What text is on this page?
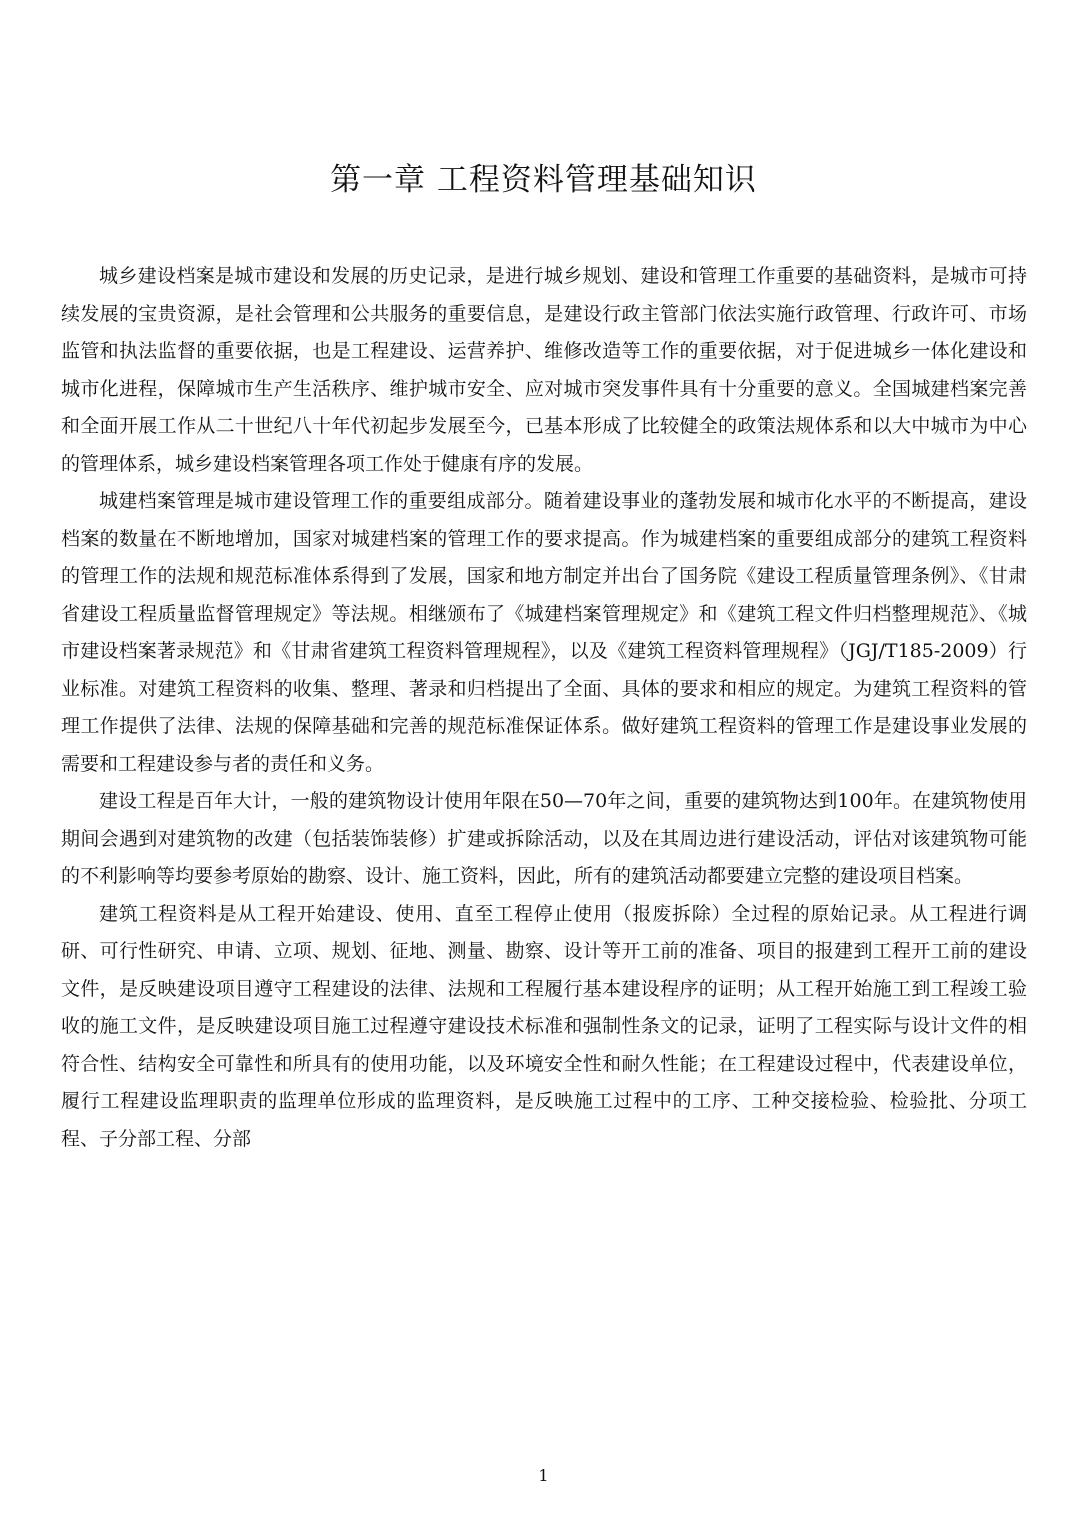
第一章 工程资料管理基础知识

城乡建设档案是城市建设和发展的历史记录，是进行城乡规划、建设和管理工作重要的基础资料，是城市可持续发展的宝贵资源，是社会管理和公共服务的重要信息，是建设行政主管部门依法实施行政管理、行政许可、市场监管和执法监督的重要依据，也是工程建设、运营养护、维修改造等工作的重要依据，对于促进城乡一体化建设和城市化进程，保障城市生产生活秩序、维护城市安全、应对城市突发事件具有十分重要的意义。全国城建档案完善和全面开展工作从二十世纪八十年代初起步发展至今，已基本形成了比较健全的政策法规体系和以大中城市为中心的管理体系，城乡建设档案管理各项工作处于健康有序的发展。

城建档案管理是城市建设管理工作的重要组成部分。随着建设事业的蓬勃发展和城市化水平的不断提高，建设档案的数量在不断地增加，国家对城建档案的管理工作的要求提高。作为城建档案的重要组成部分的建筑工程资料的管理工作的法规和规范标准体系得到了发展，国家和地方制定并出台了国务院《建设工程质量管理条例》、《甘肃省建设工程质量监督管理规定》等法规。相继颁布了《城建档案管理规定》和《建筑工程文件归档整理规范》、《城市建设档案著录规范》和《甘肃省建筑工程资料管理规程》，以及《建筑工程资料管理规程》（JGJ/T185-2009）行业标准。对建筑工程资料的收集、整理、著录和归档提出了全面、具体的要求和相应的规定。为建筑工程资料的管理工作提供了法律、法规的保障基础和完善的规范标准保证体系。做好建筑工程资料的管理工作是建设事业发展的需要和工程建设参与者的责任和义务。

建设工程是百年大计，一般的建筑物设计使用年限在50—70年之间，重要的建筑物达到100年。在建筑物使用期间会遇到对建筑物的改建（包括装饰装修）扩建或拆除活动，以及在其周边进行建设活动，评估对该建筑物可能的不利影响等均要参考原始的勘察、设计、施工资料，因此，所有的建筑活动都要建立完整的建设项目档案。

建筑工程资料是从工程开始建设、使用、直至工程停止使用（报废拆除）全过程的原始记录。从工程进行调研、可行性研究、申请、立项、规划、征地、测量、勘察、设计等开工前的准备、项目的报建到工程开工前的建设文件，是反映建设项目遵守工程建设的法律、法规和工程履行基本建设程序的证明；从工程开始施工到工程竣工验收的施工文件，是反映建设项目施工过程遵守建设技术标准和强制性条文的记录，证明了工程实际与设计文件的相符合性、结构安全可靠性和所具有的使用功能，以及环境安全性和耐久性能；在工程建设过程中，代表建设单位，履行工程建设监理职责的监理单位形成的监理资料，是反映施工过程中的工序、工种交接检验、检验批、分项工程、子分部工程、分部

1
